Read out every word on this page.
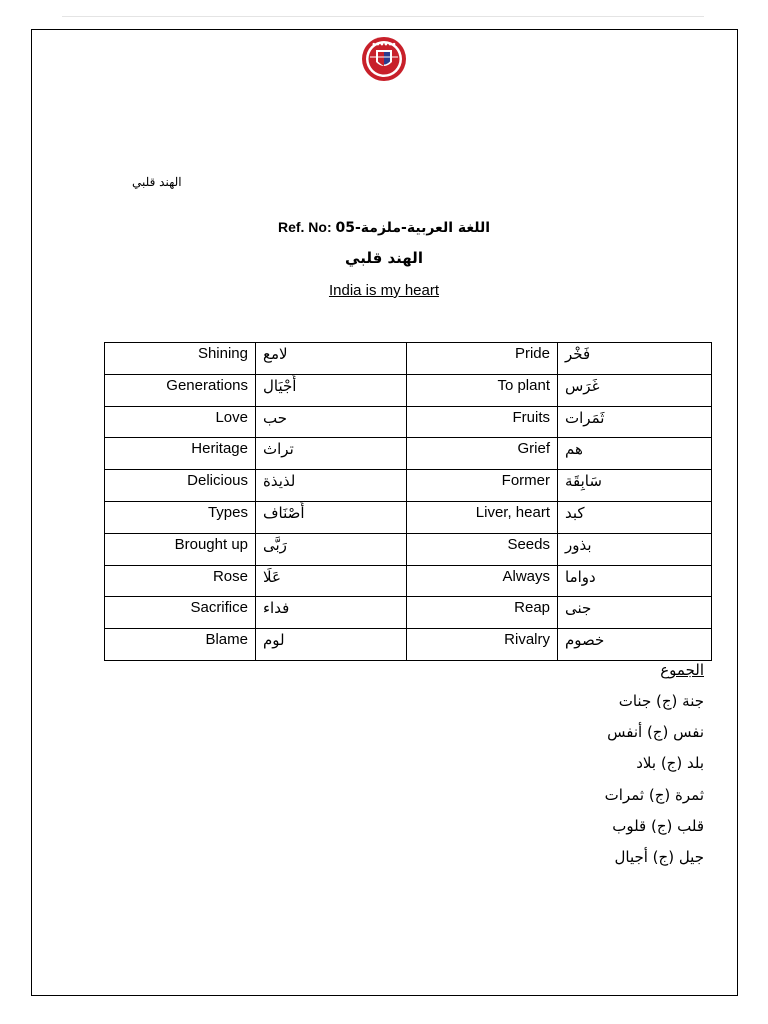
● ● ● ● ● ●
الهند قلبي
Ref. No: اللغة العربية-ملزمة-05
الهند قلبي
India is my heart
Shining	لامع	Pride	فَخْر
Generations	أَجْيَال	To plant	غَرَس
Love	حب	Fruits	ثَمَرات
Heritage	تراث	Grief	هم
Delicious	لذيذة	Former	سَابِقَة
Types	أَصْنَاف	Liver, heart	كبد
Brought up	رَبَّى	Seeds	بذور
Rose	عَلَا	Always	دواما
Sacrifice	فداء	Reap	جنى
Blame	لوم	Rivalry	خصوم
الجموع
جنة (ج) جنات
نفس (ج) أنفس
بلد (ج) بلاد
ثمرة (ج) ثمرات
قلب (ج) قلوب
جيل (ج) أجيال
